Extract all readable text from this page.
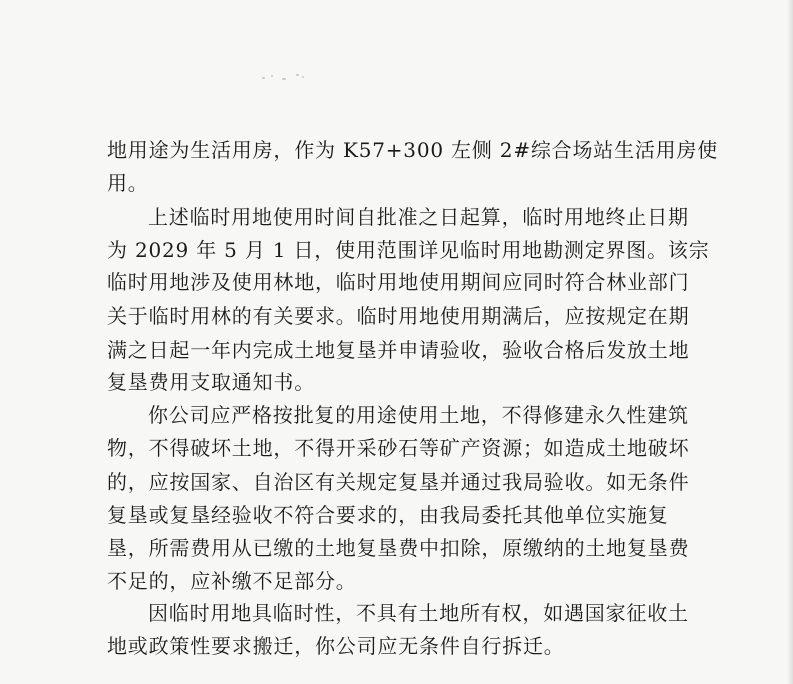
地用途为生活用房，作为 K57+300 左侧 2#综合场站生活用房使
用。
上述临时用地使用时间自批准之日起算，临时用地终止日期
为 2029 年 5 月 1 日，使用范围详见临时用地勘测定界图。该宗
临时用地涉及使用林地，临时用地使用期间应同时符合林业部门
关于临时用林的有关要求。临时用地使用期满后，应按规定在期
满之日起一年内完成土地复垦并申请验收，验收合格后发放土地
复垦费用支取通知书。
你公司应严格按批复的用途使用土地，不得修建永久性建筑
物，不得破坏土地，不得开采砂石等矿产资源；如造成土地破坏
的，应按国家、自治区有关规定复垦并通过我局验收。如无条件
复垦或复垦经验收不符合要求的，由我局委托其他单位实施复
垦，所需费用从已缴的土地复垦费中扣除，原缴纳的土地复垦费
不足的，应补缴不足部分。
因临时用地具临时性，不具有土地所有权，如遇国家征收土
地或政策性要求搬迁，你公司应无条件自行拆迁。
